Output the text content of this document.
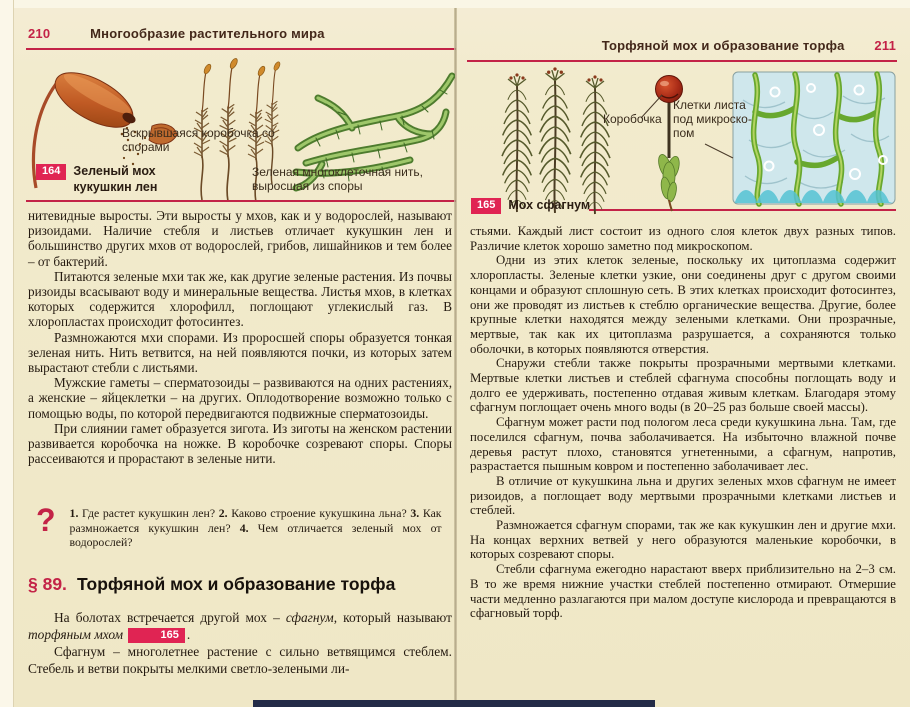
210	Многообразие растительного мира
Вскрывшаяся коробочка со спорами
164	Зеленый мох кукушкин лен
Зеленая многоклеточная нить, выросшая из споры

нитевидные выросты. Эти выросты у мхов, как и у водорослей, называют ризоидами. Наличие стебля и листьев отличает кукушкин лен и большинство других мхов от водорослей, грибов, лишайников и тем более – от бактерий.

Питаются зеленые мхи так же, как другие зеленые растения. Из почвы ризоиды всасывают воду и минеральные вещества. Листья мхов, в клетках которых содержится хлорофилл, поглощают углекислый газ. В хлоропластах происходит фотосинтез.

Размножаются мхи спорами. Из проросшей споры образуется тонкая зеленая нить. Нить ветвится, на ней появляются почки, из которых затем вырастают стебли с листьями.

Мужские гаметы – сперматозоиды – развиваются на одних растениях, а женские – яйцеклетки – на других. Оплодотворение возможно только с помощью воды, по которой передвигаются подвижные сперматозоиды.

При слиянии гамет образуется зигота. Из зиготы на женском растении развивается коробочка на ножке. В коробочке созревают споры. Споры рассеиваются и прорастают в зеленые нити.

? 1. Где растет кукушкин лен? 2. Каково строение кукушкина льна? 3. Как размножается кукушкин лен? 4. Чем отличается зеленый мох от водорослей?
§ 89. Торфяной мох и образование торфа

На болотах встречается другой мох – сфагнум, который называют торфяным мхом	165 .

Сфагнум – многолетнее растение с сильно ветвящимся стеблем. Стебель и ветви покрыты мелкими светло-зелеными ли-

Торфяной мох и образование торфа 211
Коробочка
Клетки листа под микроскопом
165	Мох сфагнум

стьями. Каждый лист состоит из одного слоя клеток двух разных типов. Различие клеток хорошо заметно под микроскопом.

Одни из этих клеток зеленые, поскольку их цитоплазма содержит хлоропласты. Зеленые клетки узкие, они соединены друг с другом своими концами и образуют сплошную сеть. В этих клетках происходит фотосинтез, они же проводят из листьев к стеблю органические вещества. Другие, более крупные клетки находятся между зелеными клетками. Они прозрачные, мертвые, так как их цитоплазма разрушается, а сохраняются только оболочки, в которых появляются отверстия.

Снаружи стебли также покрыты прозрачными мертвыми клетками. Мертвые клетки листьев и стеблей сфагнума способны поглощать воду и долго ее удерживать, постепенно отдавая живым клеткам. Благодаря этому сфагнум поглощает очень много воды (в 20–25 раз больше своей массы).

Сфагнум может расти под пологом леса среди кукушкина льна. Там, где поселился сфагнум, почва заболачивается. На избыточно влажной почве деревья растут плохо, становятся угнетенными, а сфагнум, напротив, разрастается пышным ковром и постепенно заболачивает лес.

В отличие от кукушкина льна и других зеленых мхов сфагнум не имеет ризоидов, а поглощает воду мертвыми прозрачными клетками листьев и стеблей.

Размножается сфагнум спорами, так же как кукушкин лен и другие мхи. На концах верхних ветвей у него образуются маленькие коробочки, в которых созревают споры.

Стебли сфагнума ежегодно нарастают вверх приблизительно на 2–3 см. В то же время нижние участки стеблей постепенно отмирают. Отмершие части медленно разлагаются при малом доступе кислорода и превращаются в сфагновый торф.
